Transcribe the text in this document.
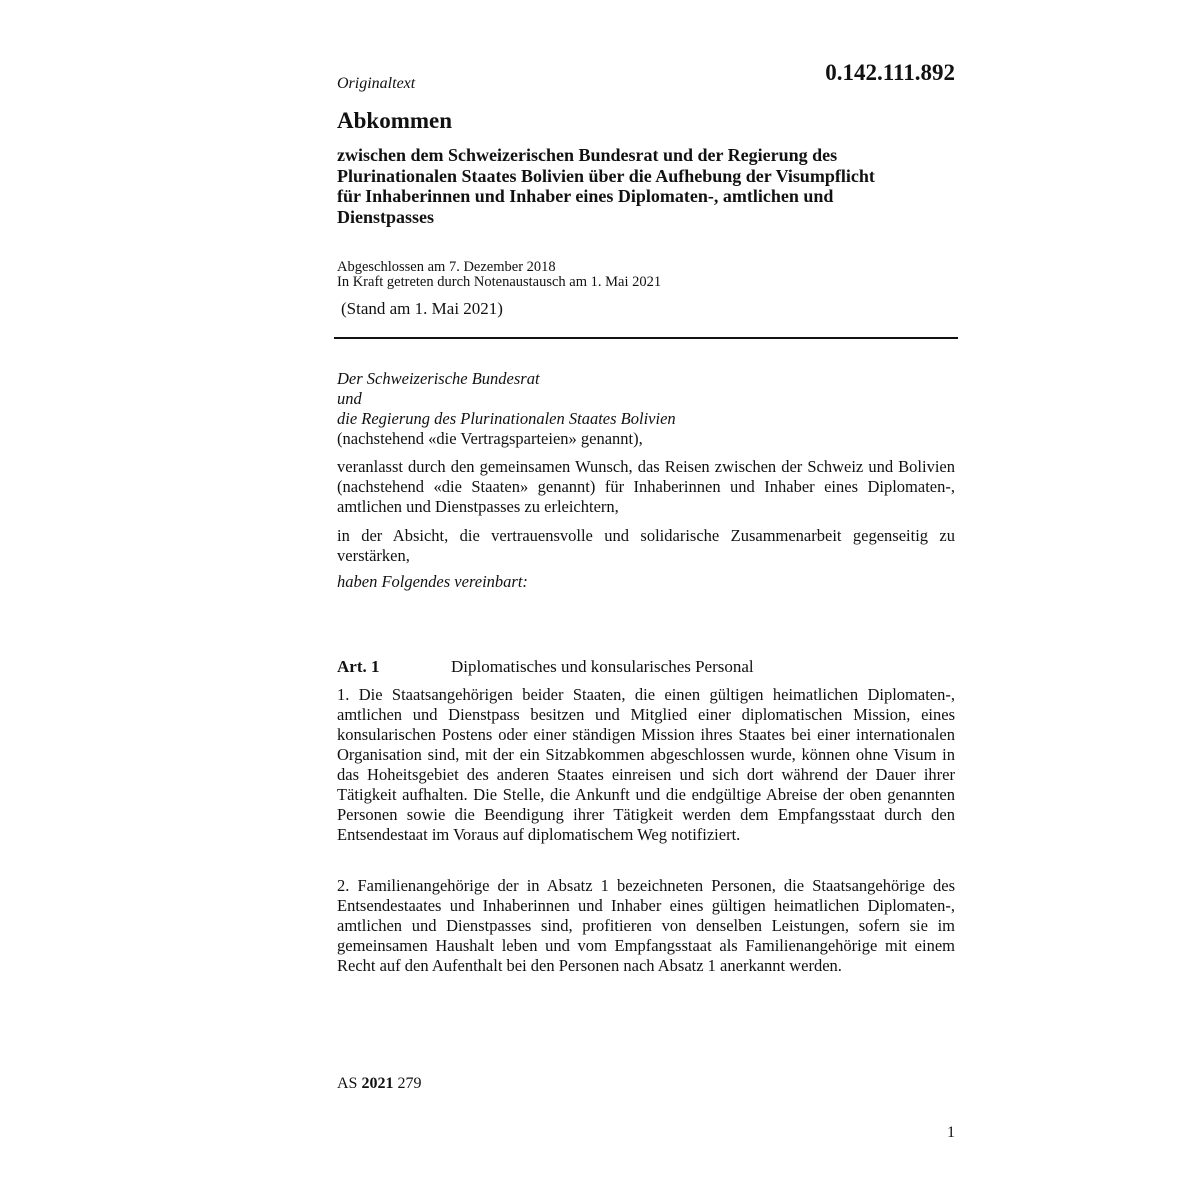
Originaltext	0.142.111.892
Abkommen
zwischen dem Schweizerischen Bundesrat und der Regierung des
Plurinationalen Staates Bolivien über die Aufhebung der Visumpflicht
für Inhaberinnen und Inhaber eines Diplomaten-, amtlichen und
Dienstpasses
Abgeschlossen am 7. Dezember 2018
In Kraft getreten durch Notenaustausch am 1. Mai 2021
(Stand am 1. Mai 2021)
Der Schweizerische Bundesrat
und
die Regierung des Plurinationalen Staates Bolivien
(nachstehend «die Vertragsparteien» genannt),
veranlasst durch den gemeinsamen Wunsch, das Reisen zwischen der Schweiz und Bolivien (nachstehend «die Staaten» genannt) für Inhaberinnen und Inhaber eines Diplomaten-, amtlichen und Dienstpasses zu erleichtern,
in der Absicht, die vertrauensvolle und solidarische Zusammenarbeit gegenseitig zu verstärken,
haben Folgendes vereinbart:
Art. 1	Diplomatisches und konsularisches Personal
1. Die Staatsangehörigen beider Staaten, die einen gültigen heimatlichen Diplomaten-, amtlichen und Dienstpass besitzen und Mitglied einer diplomatischen Mission, eines konsularischen Postens oder einer ständigen Mission ihres Staates bei einer internationalen Organisation sind, mit der ein Sitzabkommen abgeschlossen wurde, können ohne Visum in das Hoheitsgebiet des anderen Staates einreisen und sich dort während der Dauer ihrer Tätigkeit aufhalten. Die Stelle, die Ankunft und die endgültige Abreise der oben genannten Personen sowie die Beendigung ihrer Tätigkeit werden dem Empfangsstaat durch den Entsendestaat im Voraus auf diplomatischem Weg notifiziert.
2. Familienangehörige der in Absatz 1 bezeichneten Personen, die Staatsangehörige des Entsendestaates und Inhaberinnen und Inhaber eines gültigen heimatlichen Diplomaten-, amtlichen und Dienstpasses sind, profitieren von denselben Leistungen, sofern sie im gemeinsamen Haushalt leben und vom Empfangsstaat als Familienangehörige mit einem Recht auf den Aufenthalt bei den Personen nach Absatz 1 anerkannt werden.
AS 2021 279
1
